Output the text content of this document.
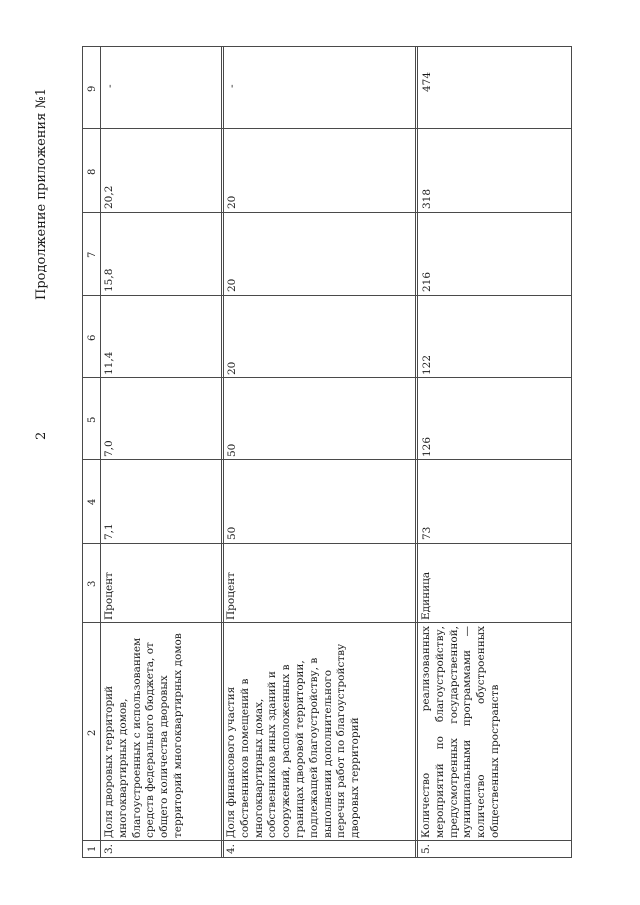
2
Продолжение приложения №1
1
2
3
4
5
6
7
8
9
3.
Доля дворовых территорий многоквартирных домов, благоустроенных с использованием средств федерального бюджета, от общего количества дворовых территорий многоквартирных домов
Процент
7,1
7,0
11,4
15,8
20,2
-
4.
Доля финансового участия собственников помещений в многоквартирных домах, собственников иных зданий и сооружений, расположенных в границах дворовой территории, подлежащей благоустройству, в выполнении дополнительного перечня работ по благоустройству дворовых территорий
Процент
50
50
20
20
20
-
5.
Количество реализованных мероприятий по благоустройству, предусмотренных государственной, муниципальными программами — количество обустроенных общественных пространств
Единица
73
126
122
216
318
474
